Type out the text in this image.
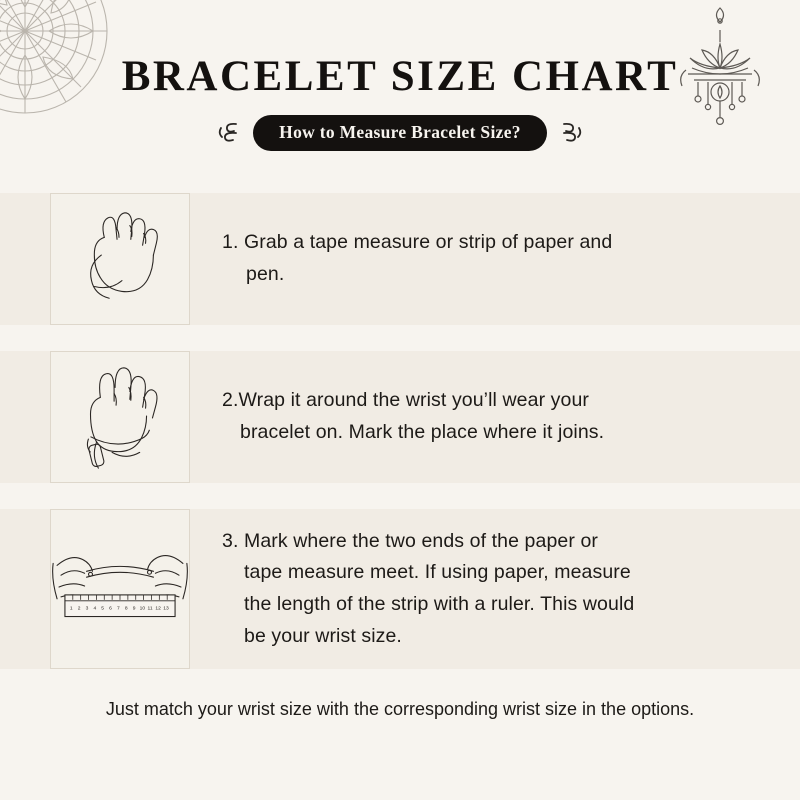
BRACELET SIZE CHART
How to Measure Bracelet Size?
1. Grab a tape measure or strip of paper and
pen.
2.Wrap it around the wrist you’ll wear your
bracelet on. Mark the place where it joins.
1 2 3 4 5 6 7 8 9 10 11 12 13
3. Mark where the two ends of the paper or
tape measure meet. If using paper, measure
the length of the strip with a ruler. This would
be your wrist size.
Just match your wrist size with the corresponding wrist size in the options.
